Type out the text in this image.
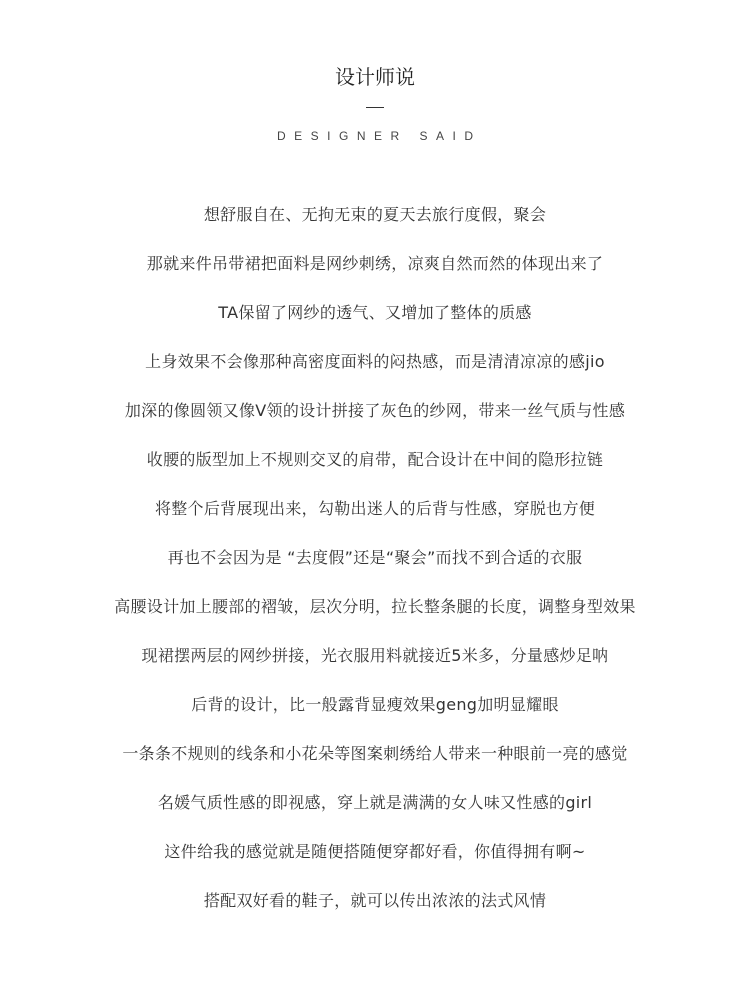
设计师说
DESIGNER SAID
想舒服自在、无拘无束的夏天去旅行度假，聚会
那就来件吊带裙把面料是网纱刺绣，凉爽自然而然的体现出来了
TA保留了网纱的透气、又增加了整体的质感
上身效果不会像那种高密度面料的闷热感，而是清清凉凉的感jio
加深的像圆领又像V领的设计拼接了灰色的纱网，带来一丝气质与性感
收腰的版型加上不规则交叉的肩带，配合设计在中间的隐形拉链
将整个后背展现出来，勾勒出迷人的后背与性感，穿脱也方便
再也不会因为是 “去度假”还是“聚会”而找不到合适的衣服
高腰设计加上腰部的褶皱，层次分明，拉长整条腿的长度，调整身型效果
现裙摆两层的网纱拼接，光衣服用料就接近5米多，分量感炒足呐
后背的设计，比一般露背显瘦效果geng加明显耀眼
一条条不规则的线条和小花朵等图案刺绣给人带来一种眼前一亮的感觉
名媛气质性感的即视感，穿上就是满满的女人味又性感的girl
这件给我的感觉就是随便搭随便穿都好看，你值得拥有啊~
搭配双好看的鞋子，就可以传出浓浓的法式风情
